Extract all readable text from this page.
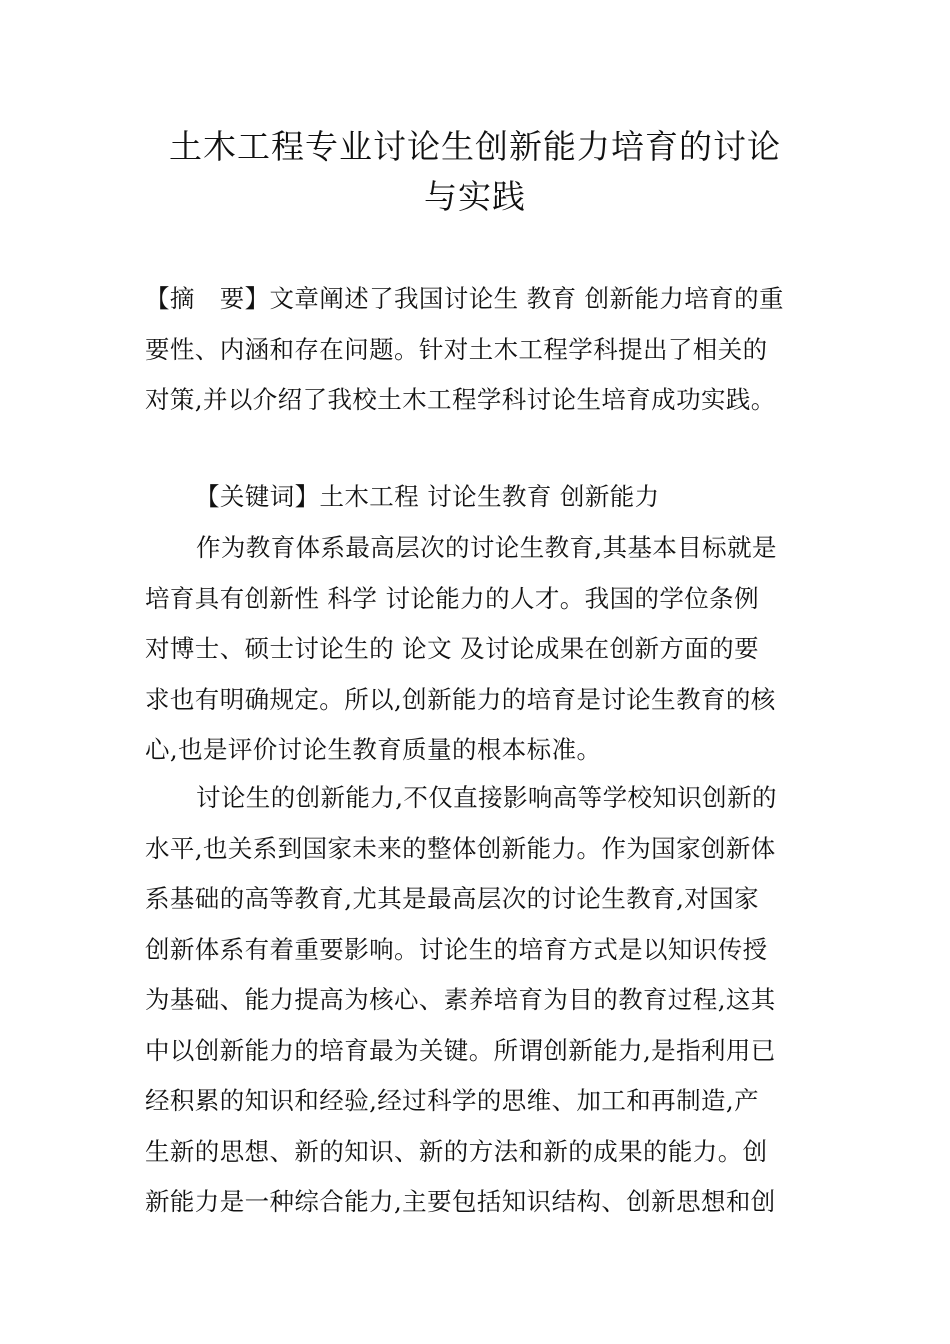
土木工程专业讨论生创新能力培育的讨论
与实践

【摘　要】文章阐述了我国讨论生 教育 创新能力培育的重
要性、内涵和存在问题。针对土木工程学科提出了相关的
对策,并以介绍了我校土木工程学科讨论生培育成功实践。

【关键词】土木工程 讨论生教育 创新能力

作为教育体系最高层次的讨论生教育,其基本目标就是
培育具有创新性 科学 讨论能力的人才。我国的学位条例
对博士、硕士讨论生的 论文 及讨论成果在创新方面的要
求也有明确规定。所以,创新能力的培育是讨论生教育的核
心,也是评价讨论生教育质量的根本标准。

讨论生的创新能力,不仅直接影响高等学校知识创新的
水平,也关系到国家未来的整体创新能力。作为国家创新体
系基础的高等教育,尤其是最高层次的讨论生教育,对国家
创新体系有着重要影响。讨论生的培育方式是以知识传授
为基础、能力提高为核心、素养培育为目的教育过程,这其
中以创新能力的培育最为关键。所谓创新能力,是指利用已
经积累的知识和经验,经过科学的思维、加工和再制造,产
生新的思想、新的知识、新的方法和新的成果的能力。创
新能力是一种综合能力,主要包括知识结构、创新思想和创
